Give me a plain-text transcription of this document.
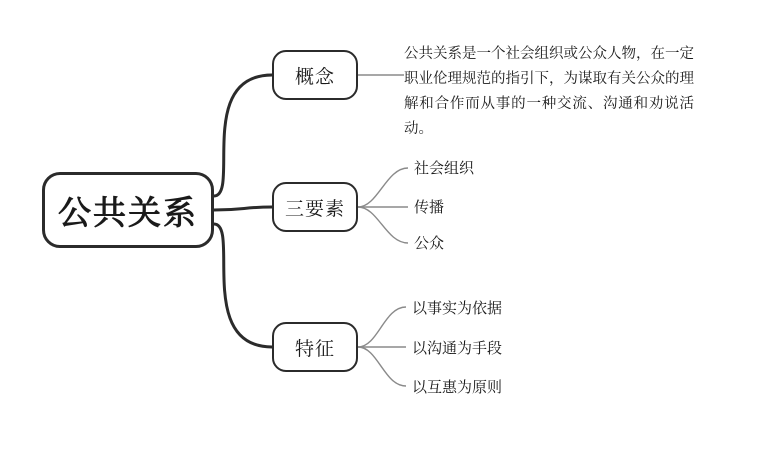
公共关系
概念
三要素
特征
公共关系是一个社会组织或公众人物，在一定职业伦理规范的指引下，为谋取有关公众的理解和合作而从事的一种交流、沟通和劝说活动。
社会组织
传播
公众
以事实为依据
以沟通为手段
以互惠为原则
